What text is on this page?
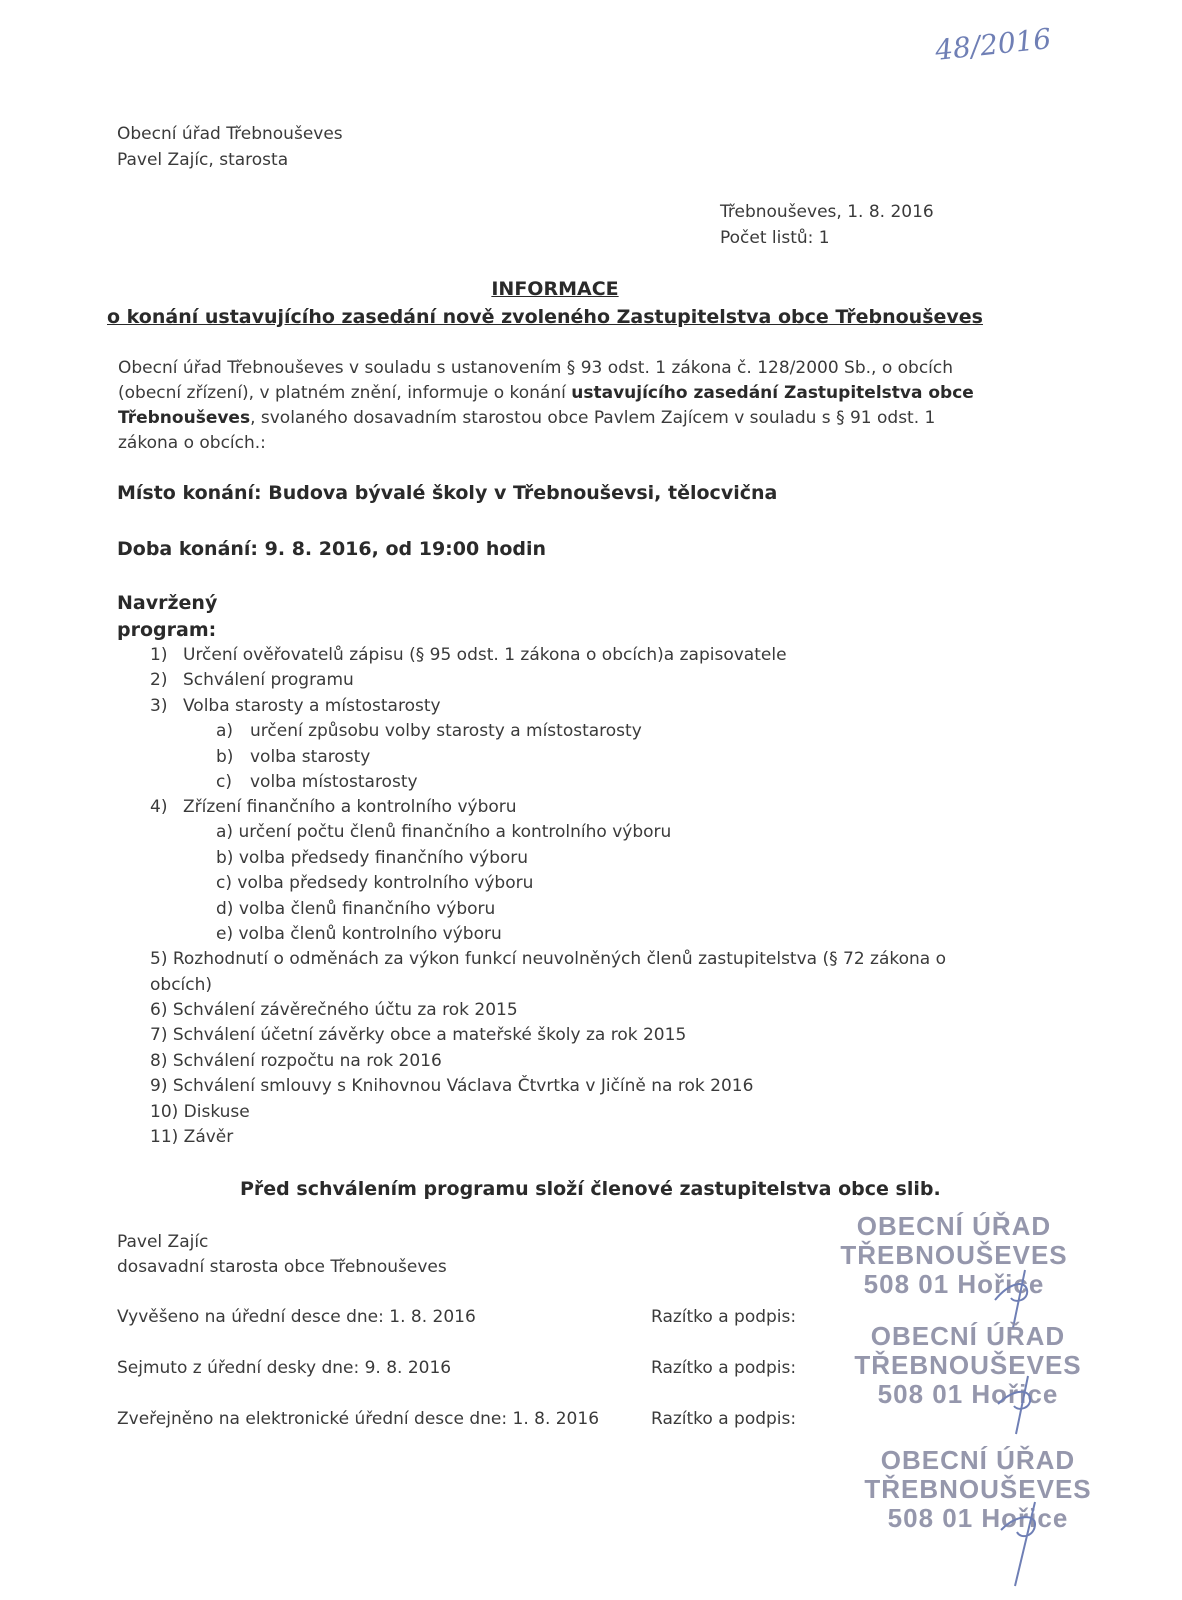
48/2016
Obecní úřad Třebnouševes
Pavel Zajíc, starosta
Třebnouševes, 1. 8. 2016
Počet listů: 1
INFORMACE
o konání ustavujícího zasedání nově zvoleného Zastupitelstva obce Třebnouševes
Obecní úřad Třebnouševes v souladu s ustanovením § 93 odst. 1 zákona č. 128/2000 Sb., o obcích (obecní zřízení), v platném znění, informuje o konání ustavujícího zasedání Zastupitelstva obce Třebnouševes, svolaného dosavadním starostou obce Pavlem Zajícem v souladu s § 91 odst. 1 zákona o obcích.:
Místo konání: Budova bývalé školy v Třebnouševsi, tělocvična
Doba konání: 9. 8. 2016, od 19:00 hodin
Navržený
program:
1) Určení ověřovatelů zápisu (§ 95 odst. 1 zákona o obcích)a zapisovatele
2) Schválení programu
3) Volba starosty a místostarosty
a) určení způsobu volby starosty a místostarosty
b) volba starosty
c) volba místostarosty
4) Zřízení finančního a kontrolního výboru
a) určení počtu členů finančního a kontrolního výboru
b) volba předsedy finančního výboru
c) volba předsedy kontrolního výboru
d) volba členů finančního výboru
e) volba členů kontrolního výboru
5) Rozhodnutí o odměnách za výkon funkcí neuvolněných členů zastupitelstva (§ 72 zákona o
obcích)
6) Schválení závěrečného účtu za rok 2015
7) Schválení účetní závěrky obce a mateřské školy za rok 2015
8) Schválení rozpočtu na rok 2016
9) Schválení smlouvy s Knihovnou Václava Čtvrtka v Jičíně na rok 2016
10) Diskuse
11) Závěr
Před schválením programu složí členové zastupitelstva obce slib.
Pavel Zajíc
dosavadní starosta obce Třebnouševes
Vyvěšeno na úřední desce dne: 1. 8. 2016	Razítko a podpis:
Sejmuto z úřední desky dne: 9. 8. 2016	Razítko a podpis:
Zveřejněno na elektronické úřední desce dne: 1. 8. 2016	Razítko a podpis:
OBECNÍ ÚŘAD
TŘEBNOUŠEVES
508 01 Hořice
OBECNÍ ÚŘAD
TŘEBNOUŠEVES
508 01 Hořice
OBECNÍ ÚŘAD
TŘEBNOUŠEVES
508 01 Hořice
